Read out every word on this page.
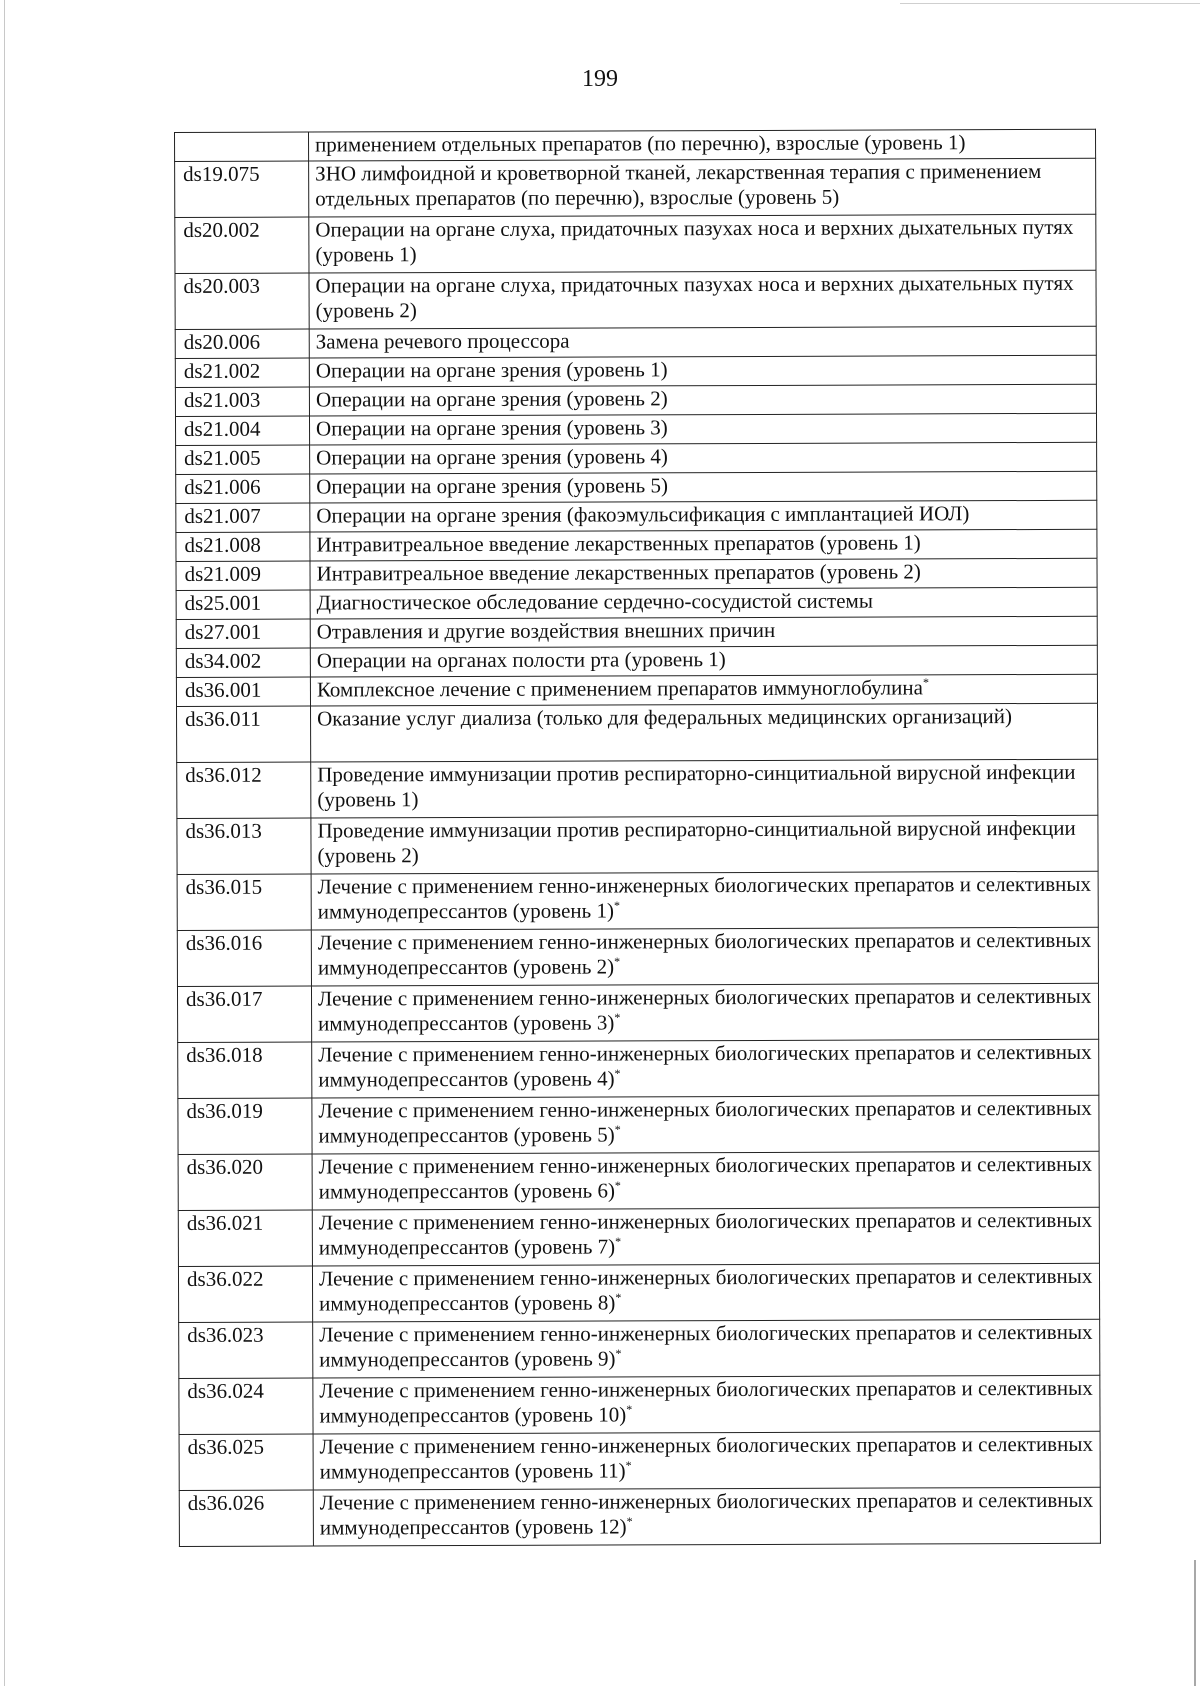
199
	применением отдельных препаратов (по перечню), взрослые (уровень 1)
ds19.075	ЗНО лимфоидной и кроветворной тканей, лекарственная терапия с применением отдельных препаратов (по перечню), взрослые (уровень 5)
ds20.002	Операции на органе слуха, придаточных пазухах носа и верхних дыхательных путях (уровень 1)
ds20.003	Операции на органе слуха, придаточных пазухах носа и верхних дыхательных путях (уровень 2)
ds20.006	Замена речевого процессора
ds21.002	Операции на органе зрения (уровень 1)
ds21.003	Операции на органе зрения (уровень 2)
ds21.004	Операции на органе зрения (уровень 3)
ds21.005	Операции на органе зрения (уровень 4)
ds21.006	Операции на органе зрения (уровень 5)
ds21.007	Операции на органе зрения (факоэмульсификация с имплантацией ИОЛ)
ds21.008	Интравитреальное введение лекарственных препаратов (уровень 1)
ds21.009	Интравитреальное введение лекарственных препаратов (уровень 2)
ds25.001	Диагностическое обследование сердечно-сосудистой системы
ds27.001	Отравления и другие воздействия внешних причин
ds34.002	Операции на органах полости рта (уровень 1)
ds36.001	Комплексное лечение с применением препаратов иммуноглобулина*
ds36.011	Оказание услуг диализа (только для федеральных медицинских организаций)
ds36.012	Проведение иммунизации против респираторно-синцитиальной вирусной инфекции (уровень 1)
ds36.013	Проведение иммунизации против респираторно-синцитиальной вирусной инфекции (уровень 2)
ds36.015	Лечение с применением генно-инженерных биологических препаратов и селективных иммунодепрессантов (уровень 1)*
ds36.016	Лечение с применением генно-инженерных биологических препаратов и селективных иммунодепрессантов (уровень 2)*
ds36.017	Лечение с применением генно-инженерных биологических препаратов и селективных иммунодепрессантов (уровень 3)*
ds36.018	Лечение с применением генно-инженерных биологических препаратов и селективных иммунодепрессантов (уровень 4)*
ds36.019	Лечение с применением генно-инженерных биологических препаратов и селективных иммунодепрессантов (уровень 5)*
ds36.020	Лечение с применением генно-инженерных биологических препаратов и селективных иммунодепрессантов (уровень 6)*
ds36.021	Лечение с применением генно-инженерных биологических препаратов и селективных иммунодепрессантов (уровень 7)*
ds36.022	Лечение с применением генно-инженерных биологических препаратов и селективных иммунодепрессантов (уровень 8)*
ds36.023	Лечение с применением генно-инженерных биологических препаратов и селективных иммунодепрессантов (уровень 9)*
ds36.024	Лечение с применением генно-инженерных биологических препаратов и селективных иммунодепрессантов (уровень 10)*
ds36.025	Лечение с применением генно-инженерных биологических препаратов и селективных иммунодепрессантов (уровень 11)*
ds36.026	Лечение с применением генно-инженерных биологических препаратов и селективных иммунодепрессантов (уровень 12)*
